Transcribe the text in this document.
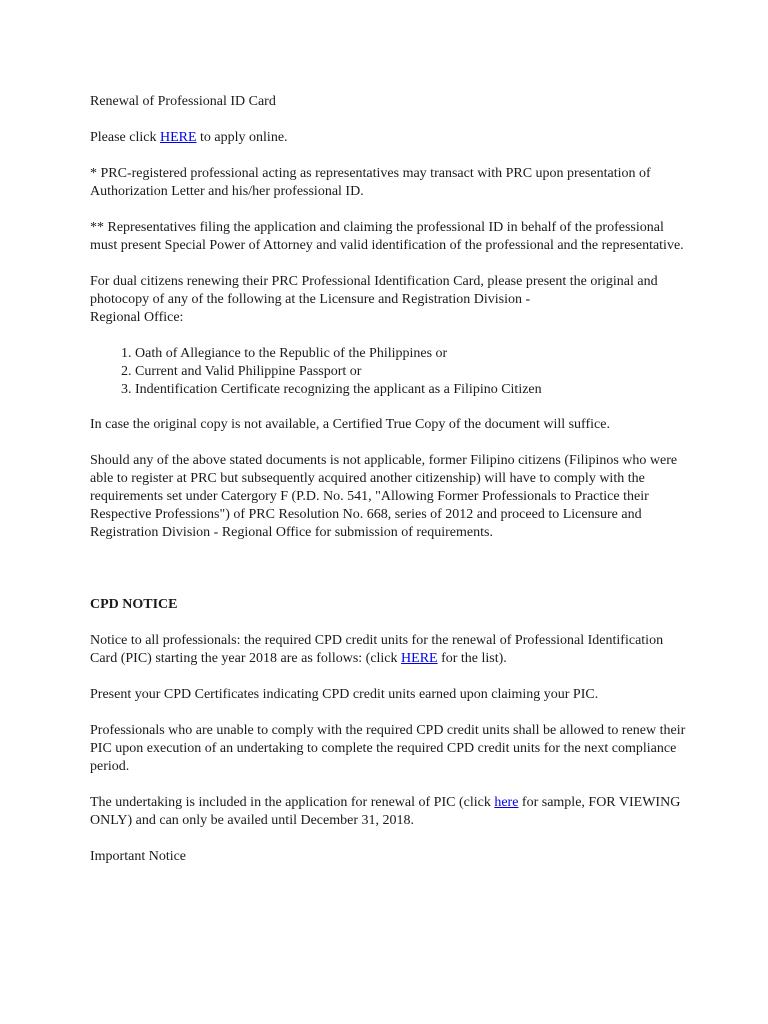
Renewal of Professional ID Card

Please click HERE to apply online.

* PRC-registered professional acting as representatives may transact with PRC upon presentation of Authorization Letter and his/her professional ID.

** Representatives filing the application and claiming the professional ID in behalf of the professional must present Special Power of Attorney and valid identification of the professional and the representative.

For dual citizens renewing their PRC Professional Identification Card, please present the original and photocopy of any of the following at the Licensure and Registration Division -
Regional Office:

1. Oath of Allegiance to the Republic of the Philippines or
2. Current and Valid Philippine Passport or
3. Indentification Certificate recognizing the applicant as a Filipino Citizen

In case the original copy is not available, a Certified True Copy of the document will suffice.

Should any of the above stated documents is not applicable, former Filipino citizens (Filipinos who were able to register at PRC but subsequently acquired another citizenship) will have to comply with the requirements set under Catergory F (P.D. No. 541, "Allowing Former Professionals to Practice their Respective Professions") of PRC Resolution No. 668, series of 2012 and proceed to Licensure and Registration Division - Regional Office for submission of requirements.

CPD NOTICE

Notice to all professionals: the required CPD credit units for the renewal of Professional Identification Card (PIC) starting the year 2018 are as follows: (click HERE for the list).

Present your CPD Certificates indicating CPD credit units earned upon claiming your PIC.

Professionals who are unable to comply with the required CPD credit units shall be allowed to renew their PIC upon execution of an undertaking to complete the required CPD credit units for the next compliance period.

The undertaking is included in the application for renewal of PIC (click here for sample, FOR VIEWING ONLY) and can only be availed until December 31, 2018.

Important Notice
